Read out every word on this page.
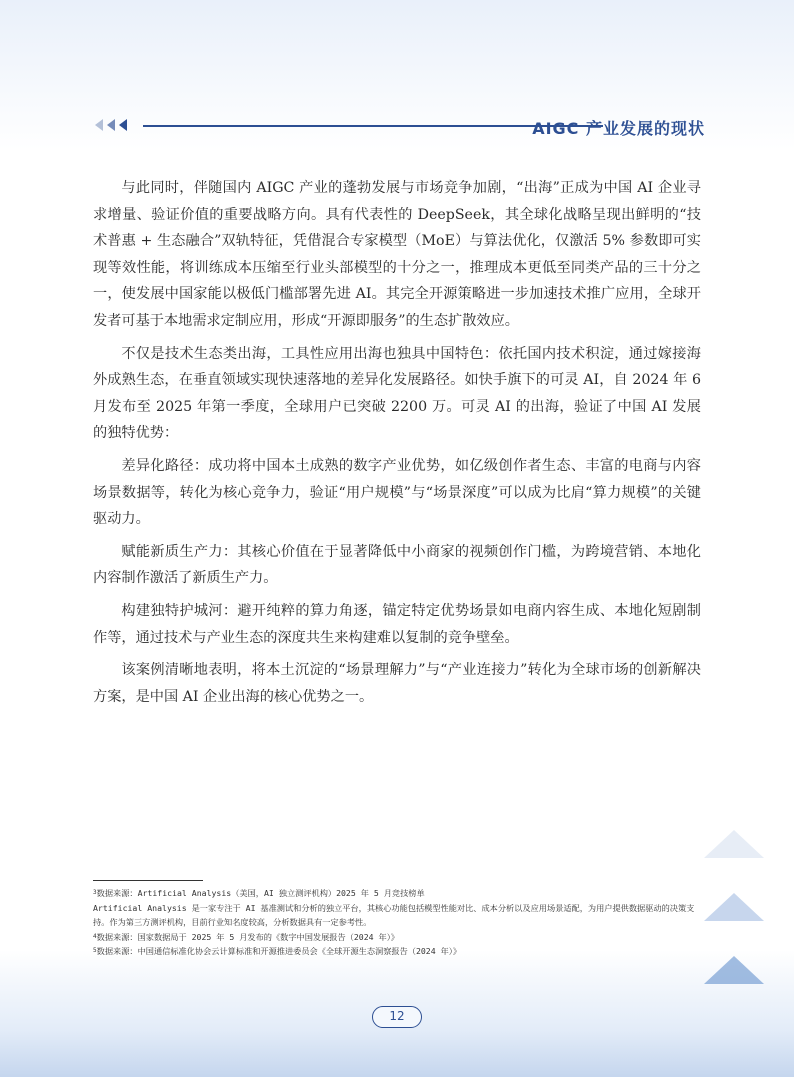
AIGC 产业发展的现状

与此同时，伴随国内 AIGC 产业的蓬勃发展与市场竞争加剧，“出海”正成为中国 AI 企业寻求增量、验证价值的重要战略方向。具有代表性的 DeepSeek，其全球化战略呈现出鲜明的“技术普惠 + 生态融合”双轨特征，凭借混合专家模型（MoE）与算法优化，仅激活 5% 参数即可实现等效性能，将训练成本压缩至行业头部模型的十分之一，推理成本更低至同类产品的三十分之一，使发展中国家能以极低门槛部署先进 AI。其完全开源策略进一步加速技术推广应用，全球开发者可基于本地需求定制应用，形成“开源即服务”的生态扩散效应。

不仅是技术生态类出海，工具性应用出海也独具中国特色：依托国内技术积淀，通过嫁接海外成熟生态，在垂直领域实现快速落地的差异化发展路径。如快手旗下的可灵 AI，自 2024 年 6 月发布至 2025 年第一季度，全球用户已突破 2200 万。可灵 AI 的出海，验证了中国 AI 发展的独特优势：

差异化路径：成功将中国本土成熟的数字产业优势，如亿级创作者生态、丰富的电商与内容场景数据等，转化为核心竞争力，验证“用户规模”与“场景深度”可以成为比肩“算力规模”的关键驱动力。

赋能新质生产力：其核心价值在于显著降低中小商家的视频创作门槛，为跨境营销、本地化内容制作激活了新质生产力。

构建独特护城河：避开纯粹的算力角逐，锚定特定优势场景如电商内容生成、本地化短剧制作等，通过技术与产业生态的深度共生来构建难以复制的竞争壁垒。

该案例清晰地表明，将本土沉淀的“场景理解力”与“产业连接力”转化为全球市场的创新解决方案，是中国 AI 企业出海的核心优势之一。

$^3$数据来源：Artificial Analysis（美国，AI 独立测评机构）2025 年 5 月竞技榜单
Artificial Analysis 是一家专注于 AI 基准测试和分析的独立平台，其核心功能包括模型性能对比、成本分析以及应用场景适配，为用户提供数据驱动的决策支持。作为第三方测评机构，目前行业知名度较高，分析数据具有一定参考性。
$^4$数据来源：国家数据局于 2025 年 5 月发布的《数字中国发展报告（2024 年）》
$^5$数据来源：中国通信标准化协会云计算标准和开源推进委员会《全球开源生态洞察报告（2024 年）》
12
